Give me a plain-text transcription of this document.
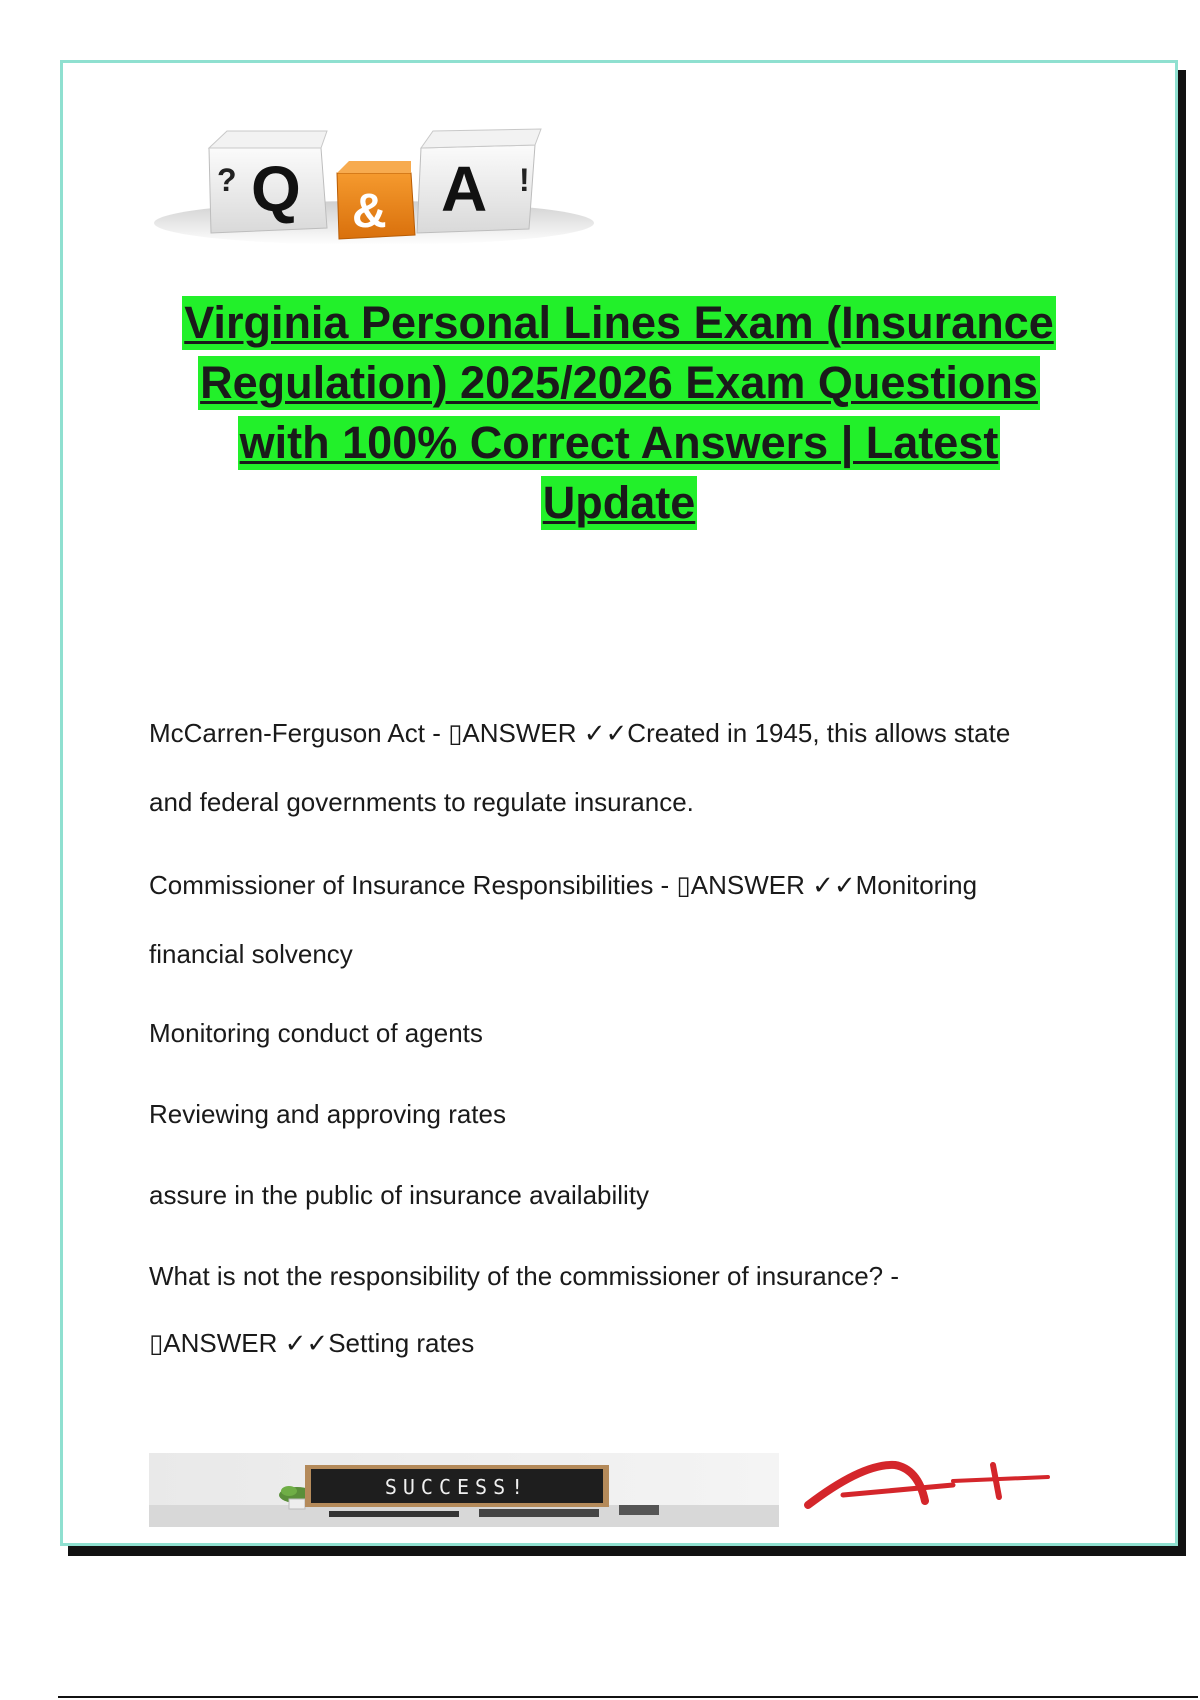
? Q & A !
Virginia Personal Lines Exam (Insurance
Regulation) 2025/2026 Exam Questions
with 100% Correct Answers | Latest
Update

McCarren-Ferguson Act - ▯ANSWER ✓✓Created in 1945, this allows state

and federal governments to regulate insurance.

Commissioner of Insurance Responsibilities - ▯ANSWER ✓✓Monitoring

financial solvency

Monitoring conduct of agents

Reviewing and approving rates

assure in the public of insurance availability

What is not the responsibility of the commissioner of insurance? -

▯ANSWER ✓✓Setting rates

SUCCESS!
A+
